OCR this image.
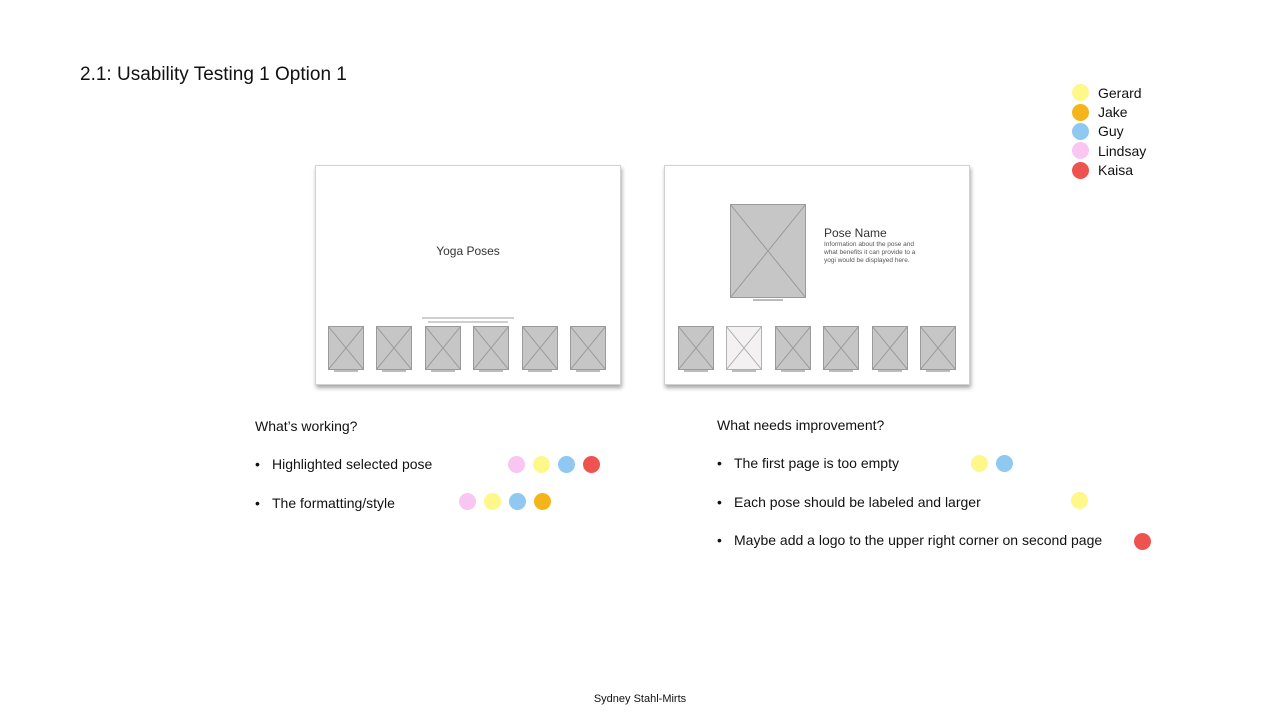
2.1: Usability Testing 1 Option 1
Gerard
Jake
Guy
Lindsay
Kaisa
Yoga Poses
Pose Name
Information about the pose and what benefits it can provide to a yogi would be displayed here.
What’s working?
• Highlighted selected pose
• The formatting/style
What needs improvement?
• The first page is too empty
• Each pose should be labeled and larger
• Maybe add a logo to the upper right corner on second page
Sydney Stahl-Mirts
